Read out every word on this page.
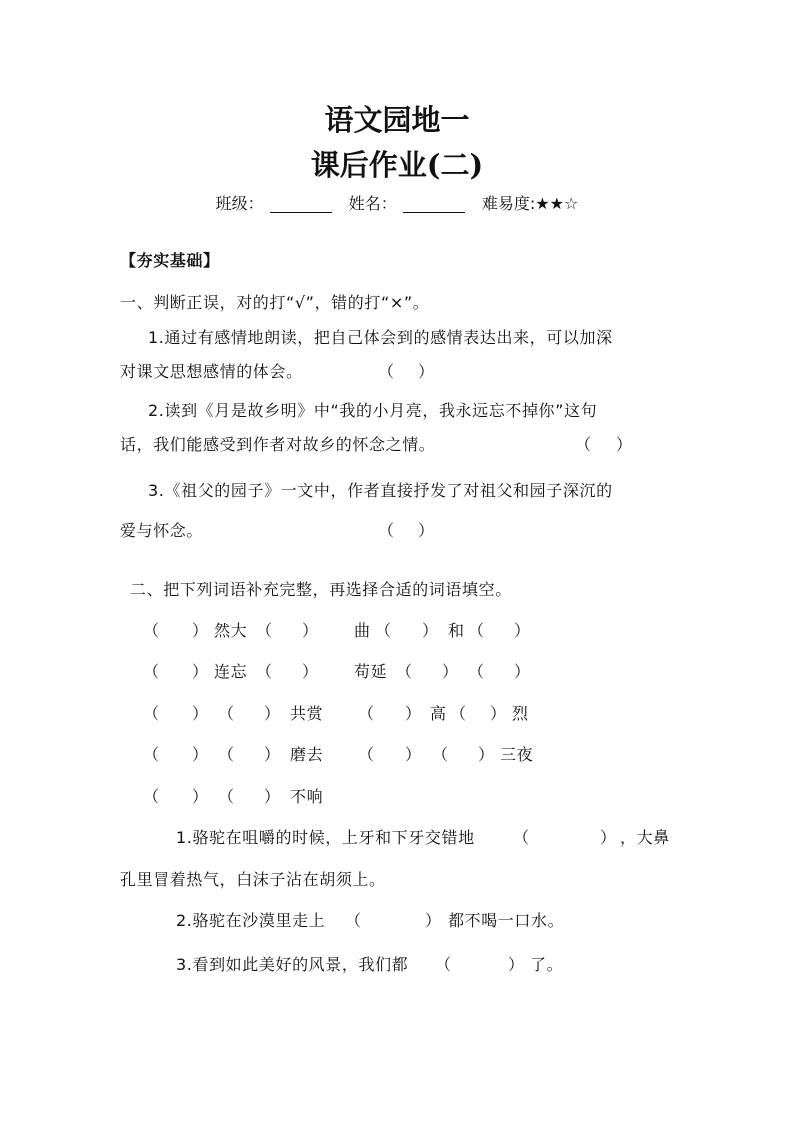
语文园地一
课后作业(二)
班级：	姓名：	难易度:★★☆
【夯实基础】
一、判断正误，对的打“√”，错的打“×”。
1.通过有感情地朗读，把自己体会到的感情表达出来，可以加深
对课文思想感情的体会。	（ ）
2.读到《月是故乡明》中“我的小月亮，我永远忘不掉你”这句
话，我们能感受到作者对故乡的怀念之情。	（ ）
3.《祖父的园子》一文中，作者直接抒发了对祖父和园子深沉的
爱与怀念。	（ ）
二、把下列词语补充完整，再选择合适的词语填空。
（ ） 然大 （ ） 曲 （ ） 和 （ ）
（ ） 连忘 （ ） 苟延 （ ） （ ）
（ ） （ ） 共赏 （ ） 高 （ ） 烈
（ ） （ ） 磨去 （ ） （ ） 三夜
（ ） （ ） 不响
1.骆驼在咀嚼的时候，上牙和下牙交错地 （	） ，大鼻
孔里冒着热气，白沫子沾在胡须上。
2.骆驼在沙漠里走上 （	） 都不喝一口水。
3.看到如此美好的风景，我们都 （	） 了。
